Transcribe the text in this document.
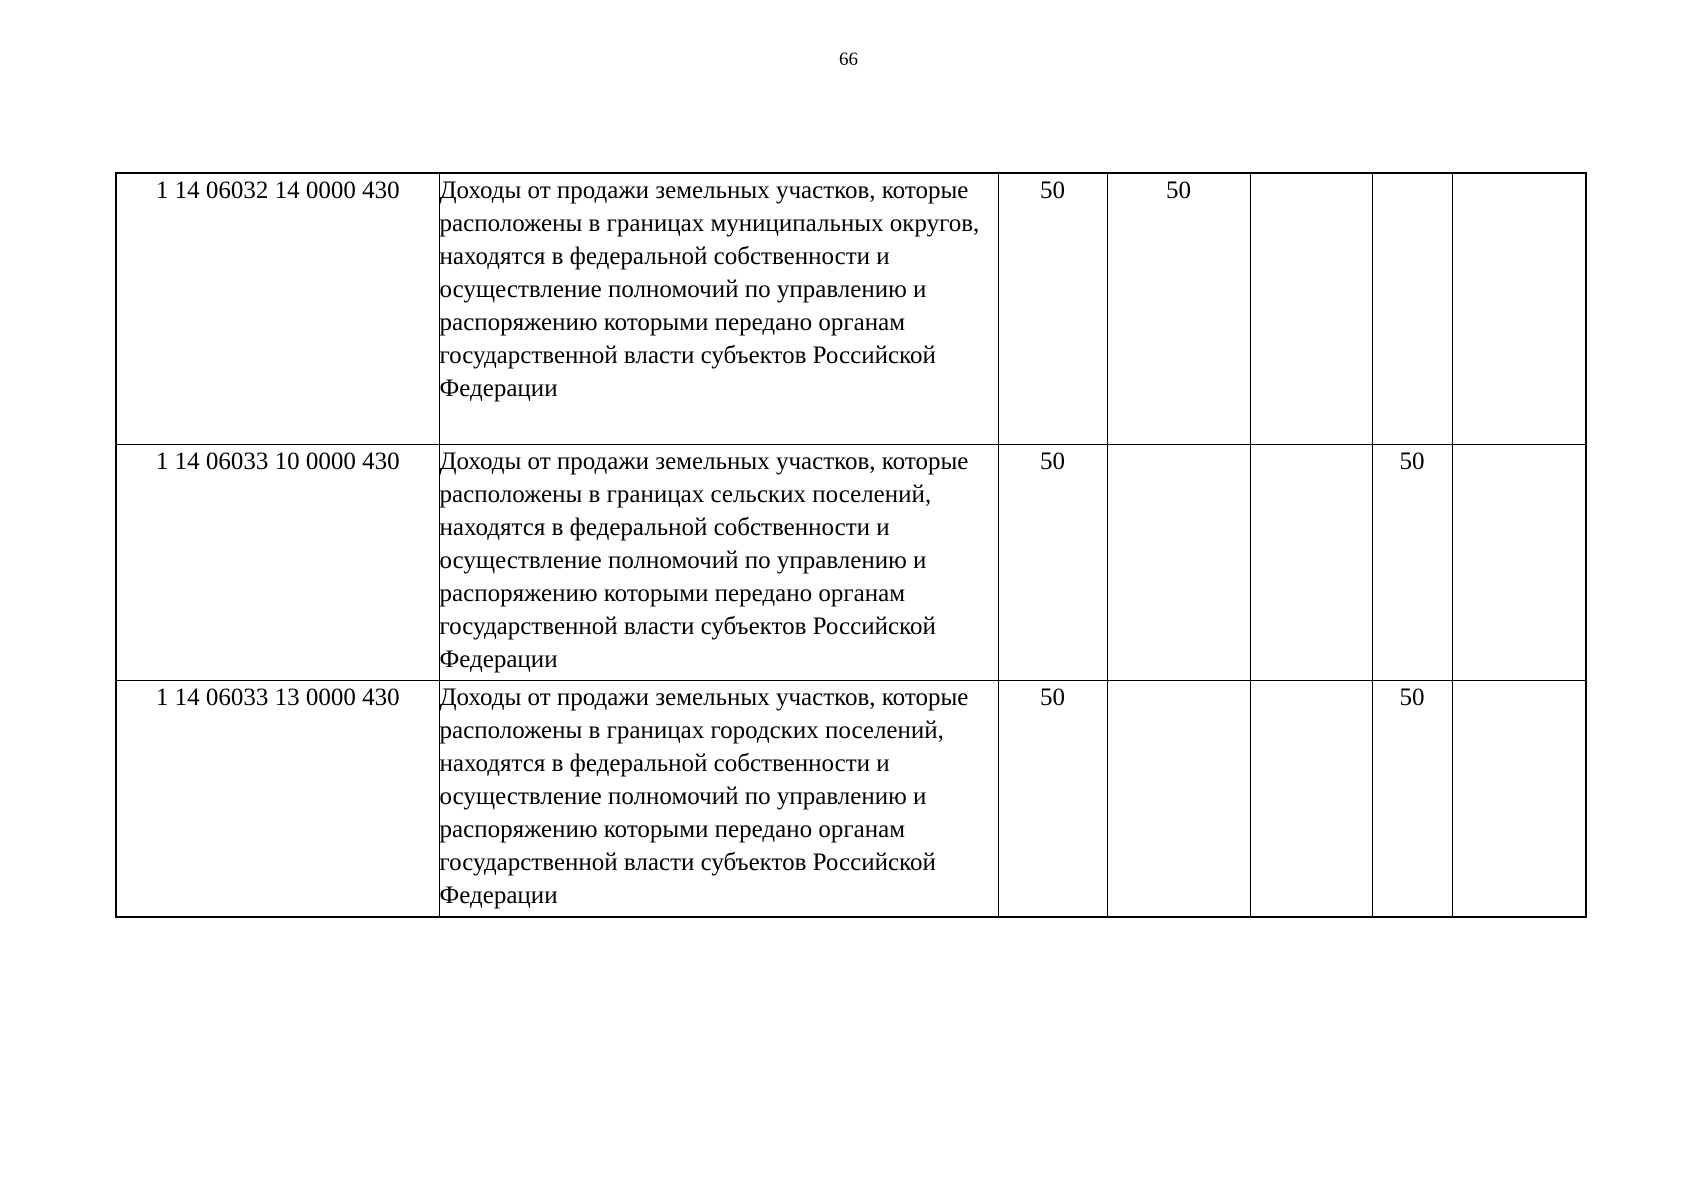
66
1 14 06032 14 0000 430	Доходы от продажи земельных участков, которые расположены в границах муниципальных округов, находятся в федеральной собственности и осуществление полномочий по управлению и распоряжению которыми передано органам государственной власти субъектов Российской Федерации	50	50			
1 14 06033 10 0000 430	Доходы от продажи земельных участков, которые расположены в границах сельских поселений, находятся в федеральной собственности и осуществление полномочий по управлению и распоряжению которыми передано органам государственной власти субъектов Российской Федерации	50			50	
1 14 06033 13 0000 430	Доходы от продажи земельных участков, которые расположены в границах городских поселений, находятся в федеральной собственности и осуществление полномочий по управлению и распоряжению которыми передано органам государственной власти субъектов Российской Федерации	50			50	
